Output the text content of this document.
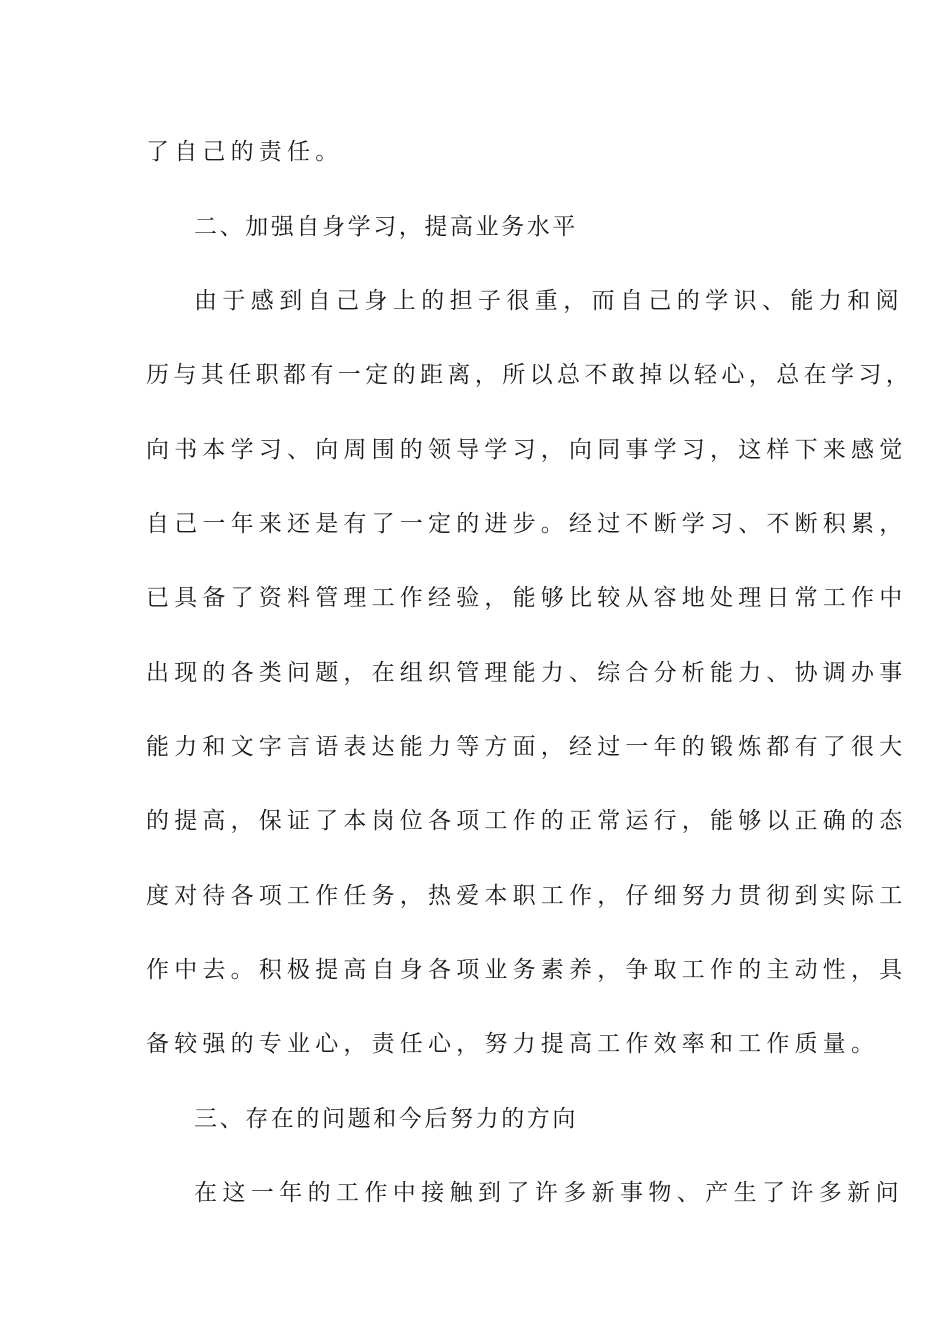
了自己的责任。
二、加强自身学习，提高业务水平
由于感到自己身上的担子很重，而自己的学识、能力和阅
历与其任职都有一定的距离，所以总不敢掉以轻心，总在学习，
向书本学习、向周围的领导学习，向同事学习，这样下来感觉
自己一年来还是有了一定的进步。经过不断学习、不断积累，
已具备了资料管理工作经验，能够比较从容地处理日常工作中
出现的各类问题，在组织管理能力、综合分析能力、协调办事
能力和文字言语表达能力等方面，经过一年的锻炼都有了很大
的提高，保证了本岗位各项工作的正常运行，能够以正确的态
度对待各项工作任务，热爱本职工作，仔细努力贯彻到实际工
作中去。积极提高自身各项业务素养，争取工作的主动性，具
备较强的专业心，责任心，努力提高工作效率和工作质量。
三、存在的问题和今后努力的方向
在这一年的工作中接触到了许多新事物、产生了许多新问
